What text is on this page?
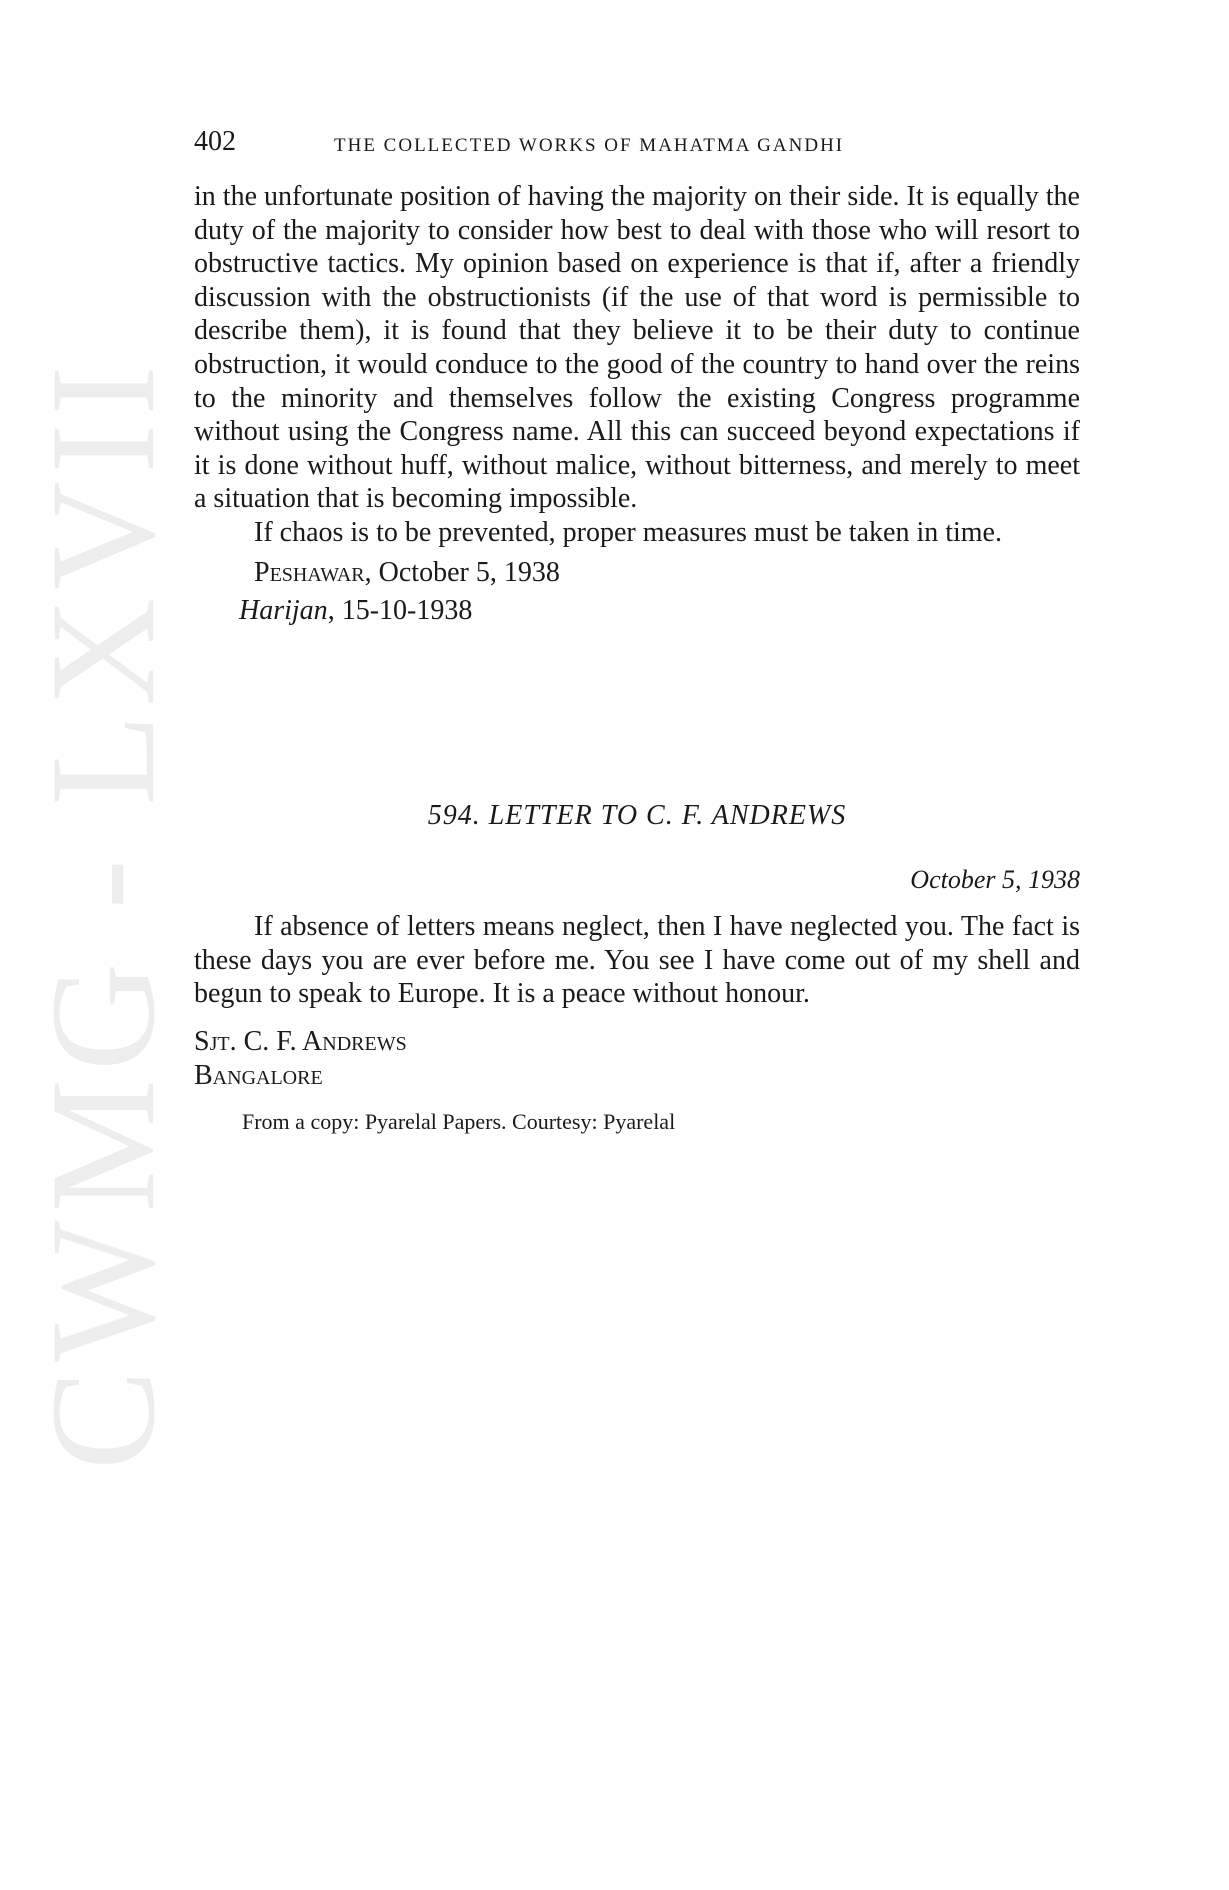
CWMG - LXVII
402	THE COLLECTED WORKS OF MAHATMA GANDHI

in the unfortunate position of having the majority on their side. It is equally the duty of the majority to consider how best to deal with those who will resort to obstructive tactics. My opinion based on experience is that if, after a friendly discussion with the obstructionists (if the use of that word is permissible to describe them), it is found that they believe it to be their duty to continue obstruction, it would conduce to the good of the country to hand over the reins to the minority and themselves follow the existing Congress programme without using the Congress name. All this can succeed beyond expectations if it is done without huff, without malice, without bitterness, and merely to meet a situation that is becoming impossible.

If chaos is to be prevented, proper measures must be taken in time.

Peshawar, October 5, 1938
Harijan, 15-10-1938
594. LETTER TO C. F. ANDREWS
October 5, 1938

If absence of letters means neglect, then I have neglected you. The fact is these days you are ever before me. You see I have come out of my shell and begun to speak to Europe. It is a peace without honour.

Sjt. C. F. Andrews
Bangalore
From a copy: Pyarelal Papers. Courtesy: Pyarelal
